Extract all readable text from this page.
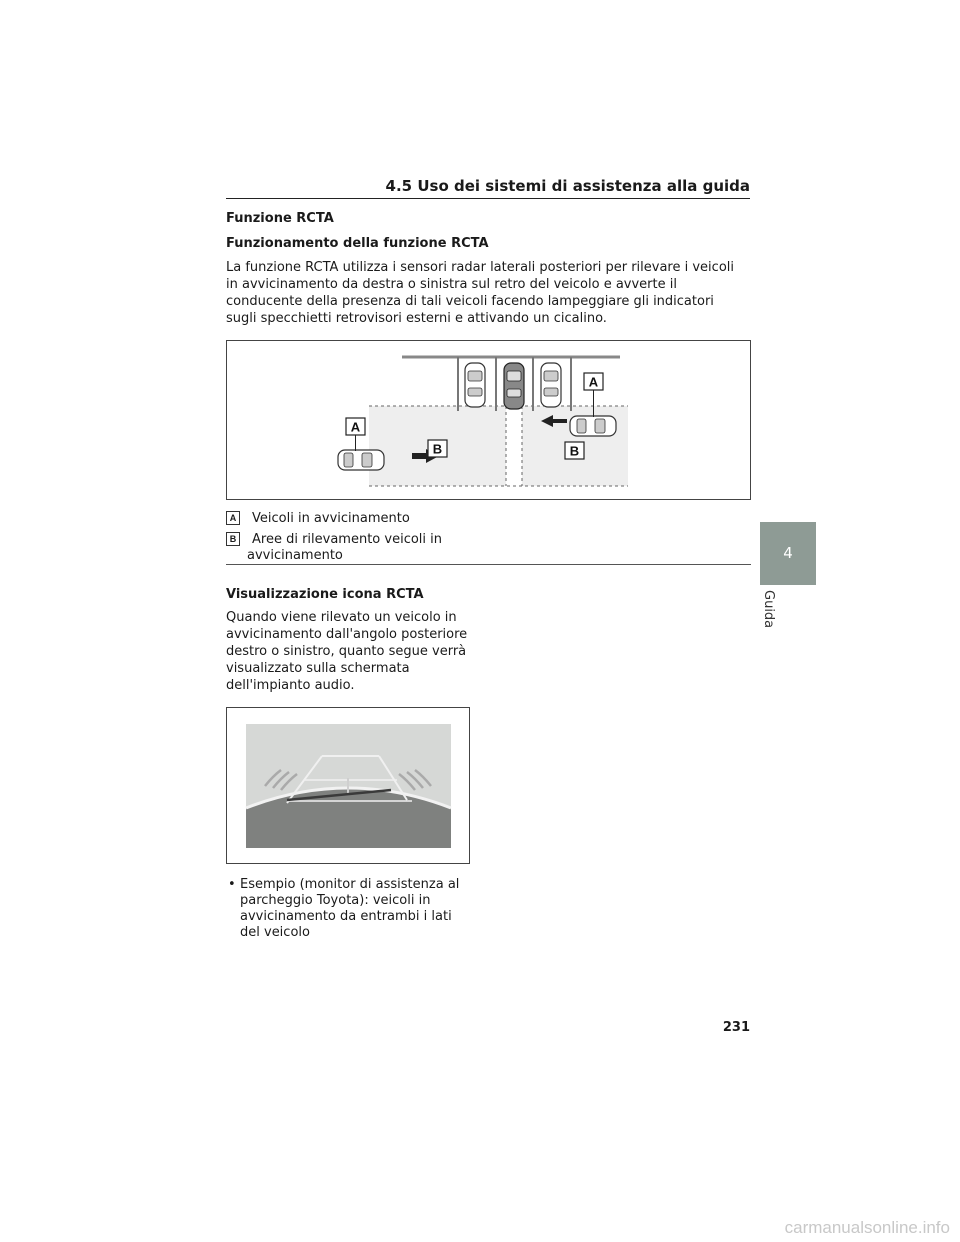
4.5 Uso dei sistemi di assistenza alla guida
Funzione RCTA
Funzionamento della funzione RCTA
La funzione RCTA utilizza i sensori radar laterali posteriori per rilevare i veicoli in avvicinamento da destra o sinistra sul retro del veicolo e avverte il conducente della presenza di tali veicoli facendo lampeggiare gli indicatori sugli specchietti retrovisori esterni e attivando un cicalino.
A
A
B	B
A Veicoli in avvicinamento
B Aree di rilevamento veicoli in
avvicinamento
Visualizzazione icona RCTA
Quando viene rilevato un veicolo in avvicinamento dall'angolo posteriore destro o sinistro, quanto segue verrà visualizzato sulla schermata dell'impianto audio.
• Esempio (monitor di assistenza al parcheggio Toyota): veicoli in avvicinamento da entrambi i lati del veicolo
4
Guida
231
carmanualsonline.info
